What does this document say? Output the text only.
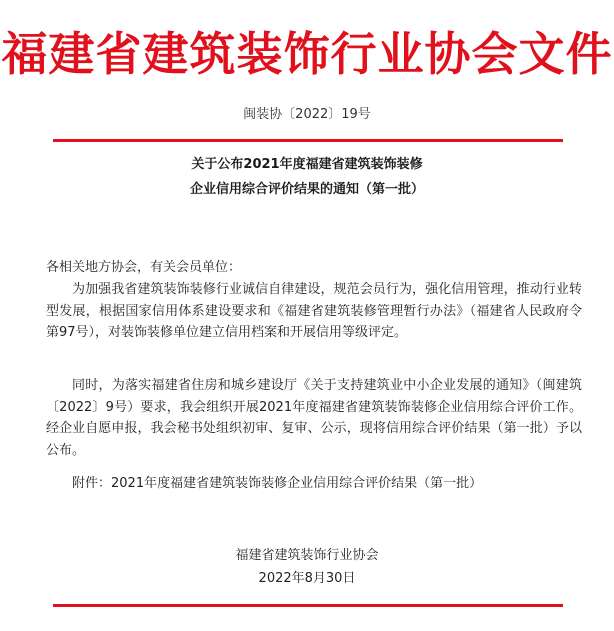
福建省建筑装饰行业协会文件
闽装协〔2022〕19号
关于公布2021年度福建省建筑装饰装修
企业信用综合评价结果的通知（第一批）
各相关地方协会，有关会员单位：
为加强我省建筑装饰装修行业诚信自律建设，规范会员行为，强化信用管理，推动行业转型发展，根据国家信用体系建设要求和《福建省建筑装修管理暂行办法》（福建省人民政府令第97号），对装饰装修单位建立信用档案和开展信用等级评定。
同时，为落实福建省住房和城乡建设厅《关于支持建筑业中小企业发展的通知》（闽建筑〔2022〕9号）要求，我会组织开展2021年度福建省建筑装饰装修企业信用综合评价工作。经企业自愿申报，我会秘书处组织初审、复审、公示，现将信用综合评价结果（第一批）予以公布。
附件：2021年度福建省建筑装饰装修企业信用综合评价结果（第一批）
福建省建筑装饰行业协会
2022年8月30日
